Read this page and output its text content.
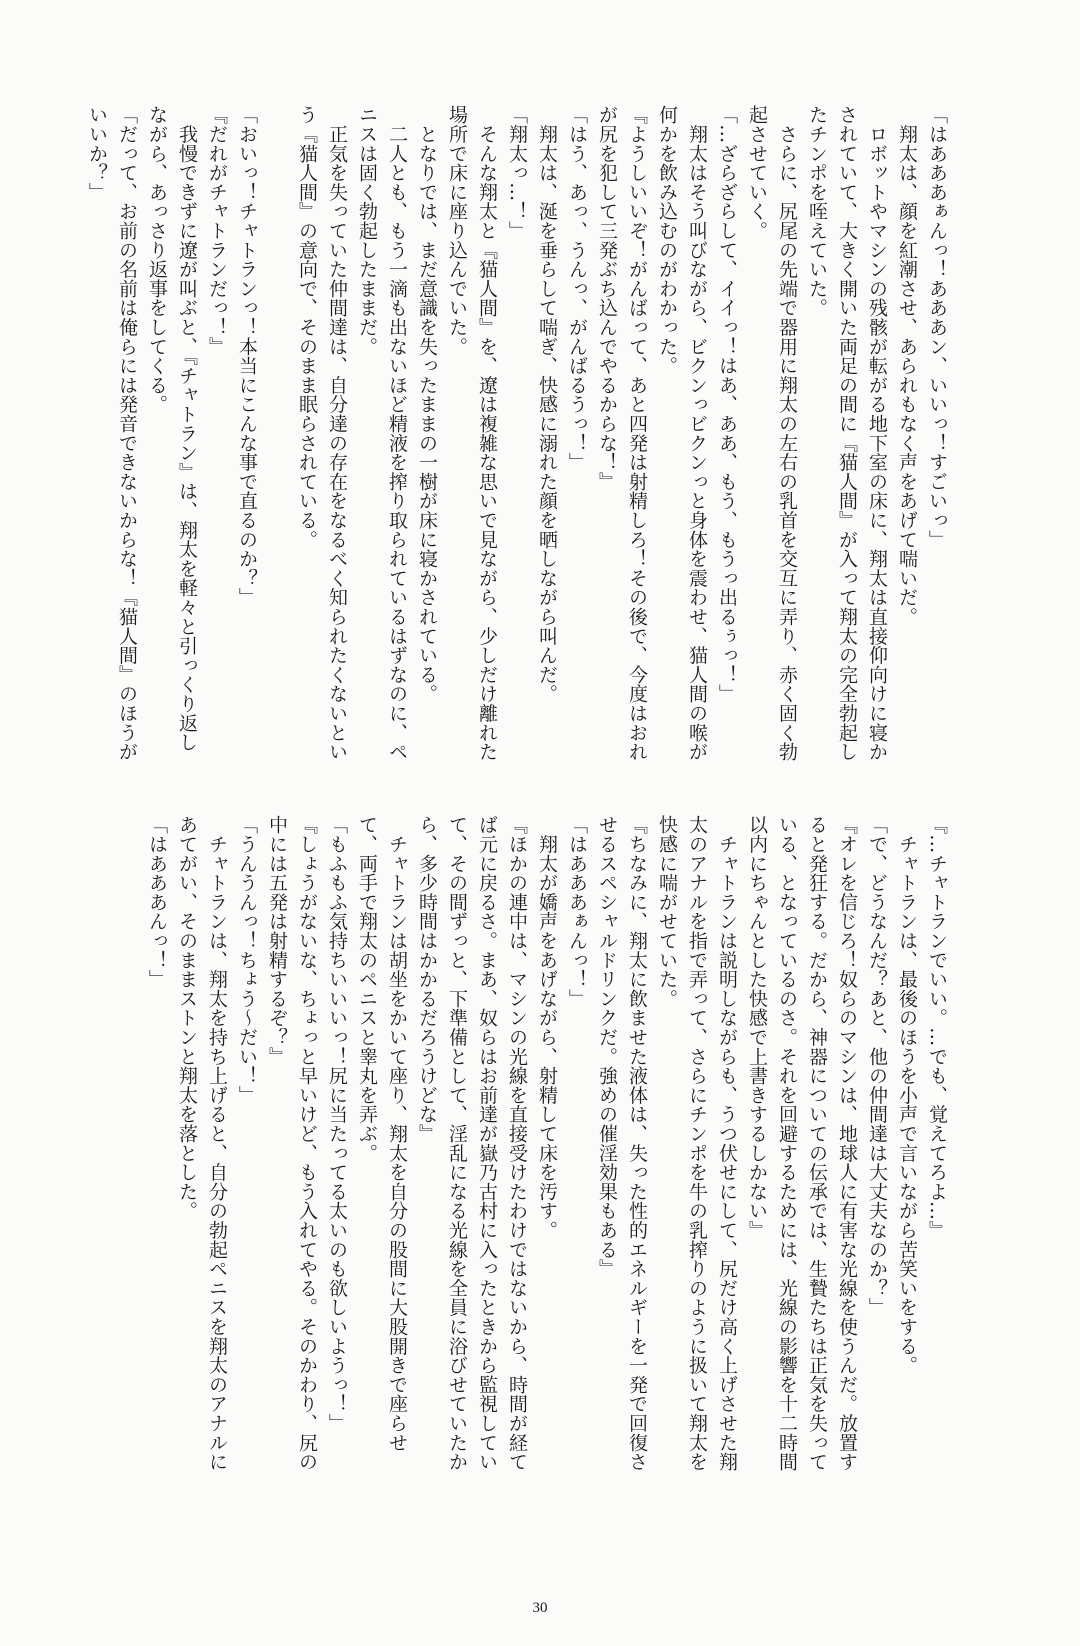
「はあああぁんっ！あああン、いいっ！すごいっ」
　翔太は、顔を紅潮させ、あられもなく声をあげて喘いだ。
　ロボットやマシンの残骸が転がる地下室の床に、翔太は直接仰向けに寝か
されていて、大きく開いた両足の間に『猫人間』が入って翔太の完全勃起し
たチンポを咥えていた。
　さらに、尻尾の先端で器用に翔太の左右の乳首を交互に弄り、赤く固く勃
起させていく。
「…ざらざらして、イイっ！はあ、ああ、もう、もうっ出るぅっ！」
　翔太はそう叫びながら、ビクンっビクンっと身体を震わせ、猫人間の喉が
何かを飲み込むのがわかった。
『ようしいいぞ！がんばって、あと四発は射精しろ！その後で、今度はおれ
が尻を犯して三発ぶち込んでやるからな！』
「はう、あっ、うんっ、がんばるうっ！」
　翔太は、涎を垂らして喘ぎ、快感に溺れた顔を晒しながら叫んだ。
「翔太っ…！」
　そんな翔太と『猫人間』を、遼は複雑な思いで見ながら、少しだけ離れた
場所で床に座り込んでいた。
　となりでは、まだ意識を失ったままの一樹が床に寝かされている。
　二人とも、もう一滴も出ないほど精液を搾り取られているはずなのに、ペ
ニスは固く勃起したままだ。
　正気を失っていた仲間達は、自分達の存在をなるべく知られたくないとい
う『猫人間』の意向で、そのまま眠らされている。
「おいっ！チャトランっ！本当にこんな事で直るのか？」
『だれがチャトランだっ！』
　我慢できずに遼が叫ぶと、『チャトラン』は、翔太を軽々と引っくり返し
ながら、あっさり返事をしてくる。
「だって、お前の名前は俺らには発音できないからな！『猫人間』のほうが
いいか？」
『…チャトランでいい。…でも、覚えてろよ…』
　チャトランは、最後のほうを小声で言いながら苦笑いをする。
「で、どうなんだ？あと、他の仲間達は大丈夫なのか？」
『オレを信じろ！奴らのマシンは、地球人に有害な光線を使うんだ。放置す
ると発狂する。だから、神器についての伝承では、生贄たちは正気を失って
いる、となっているのさ。それを回避するためには、光線の影響を十二時間
以内にちゃんとした快感で上書きするしかない』
　チャトランは説明しながらも、うつ伏せにして、尻だけ高く上げさせた翔
太のアナルを指で弄って、さらにチンポを牛の乳搾りのように扱いて翔太を
快感に喘がせていた。
『ちなみに、翔太に飲ませた液体は、失った性的エネルギーを一発で回復さ
せるスペシャルドリンクだ。強めの催淫効果もある』
「はあああぁんっ！」
　翔太が嬌声をあげながら、射精して床を汚す。
『ほかの連中は、マシンの光線を直接受けたわけではないから、時間が経て
ば元に戻るさ。まあ、奴らはお前達が嶽乃古村に入ったときから監視してい
て、その間ずっと、下準備として、淫乱になる光線を全員に浴びせていたか
ら、多少時間はかかるだろうけどな』
　チャトランは胡坐をかいて座り、翔太を自分の股間に大股開きで座らせ
て、両手で翔太のペニスと睾丸を弄ぶ。
「もふもふ気持ちいいいっ！尻に当たってる太いのも欲しいようっ！」
『しょうがないな、ちょっと早いけど、もう入れてやる。そのかわり、尻の
中には五発は射精するぞ？』
「うんうんっ！ちょう〜だい！」
　チャトランは、翔太を持ち上げると、自分の勃起ペニスを翔太のアナルに
あてがい、そのままストンと翔太を落とした。
「はあああんっ！」
30
